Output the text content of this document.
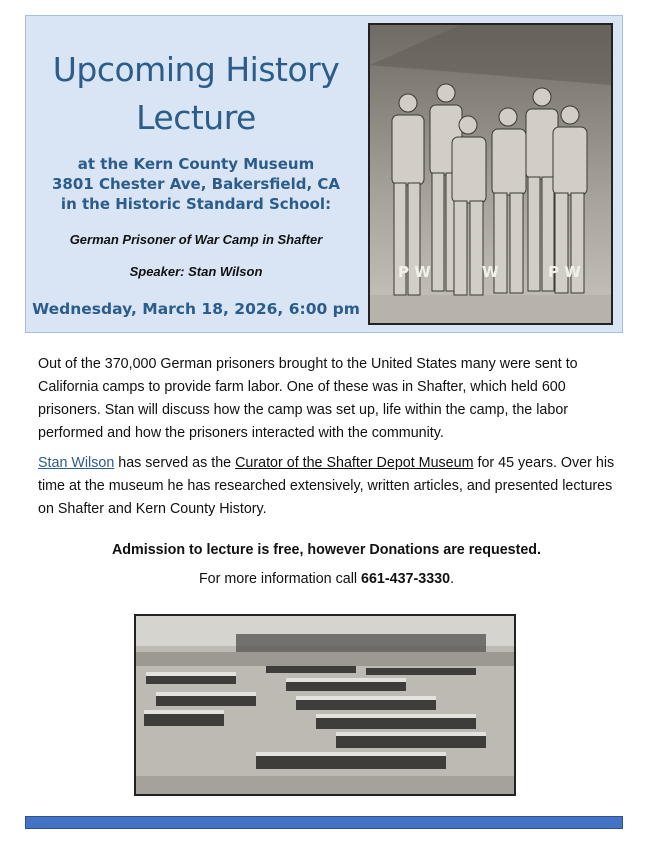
Upcoming History
Lecture
at the Kern County Museum
3801 Chester Ave, Bakersfield, CA
in the Historic Standard School:
German Prisoner of War Camp in Shafter
Speaker: Stan Wilson
Wednesday, March 18, 2026, 6:00 pm
P W	W	P W
Out of the 370,000 German prisoners brought to the United States many were sent to California camps to provide farm labor. One of these was in Shafter, which held 600 prisoners. Stan will discuss how the camp was set up, life within the camp, the labor performed and how the prisoners interacted with the community.
Stan Wilson has served as the Curator of the Shafter Depot Museum for 45 years. Over his time at the museum he has researched extensively, written articles, and presented lectures on Shafter and Kern County History.
Admission to lecture is free, however Donations are requested.
For more information call 661-437-3330.
